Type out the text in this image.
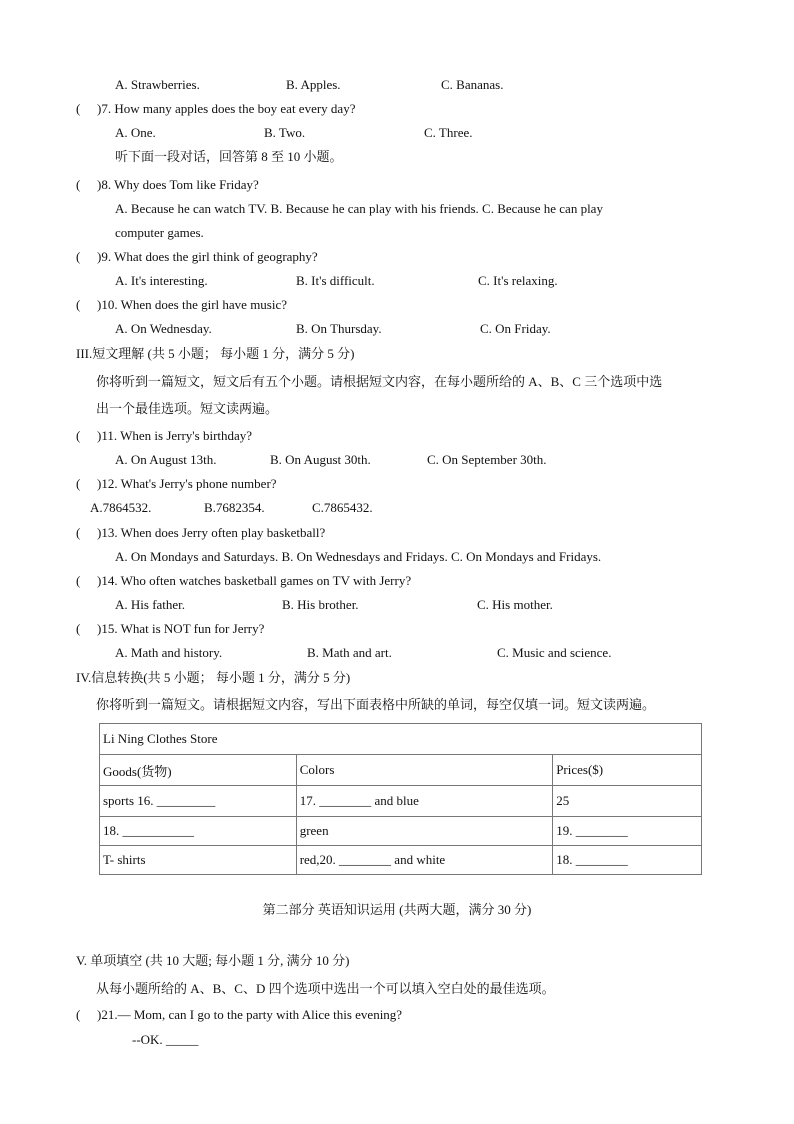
A. Strawberries.	B. Apples.	C. Bananas.
( )7. How many apples does the boy eat every day?
A. One.	B. Two.	C. Three.
听下面一段对话，回答第 8 至 10 小题。
( )8. Why does Tom like Friday?
A. Because he can watch TV. B. Because he can play with his friends. C. Because he can play
computer games.
( )9. What does the girl think of geography?
A. It's interesting.	B. It's difficult.	C. It's relaxing.
( )10. When does the girl have music?
A. On Wednesday.	B. On Thursday.	C. On Friday.
III.短文理解 (共 5 小题； 每小题 1 分，满分 5 分)
你将听到一篇短文，短文后有五个小题。请根据短文内容，在每小题所给的 A、B、C 三个选项中选
出一个最佳选项。短文读两遍。
( )11. When is Jerry's birthday?
A. On August 13th.	B. On August 30th.	C. On September 30th.
( )12. What's Jerry's phone number?
A.7864532.	B.7682354.	C.7865432.
( )13. When does Jerry often play basketball?
A. On Mondays and Saturdays. B. On Wednesdays and Fridays. C. On Mondays and Fridays.
( )14. Who often watches basketball games on TV with Jerry?
A. His father.	B. His brother.	C. His mother.
( )15. What is NOT fun for Jerry?
A. Math and history.	B. Math and art.	C. Music and science.
IV.信息转换(共 5 小题； 每小题 1 分，满分 5 分)
你将听到一篇短文。请根据短文内容，写出下面表格中所缺的单词，每空仅填一词。短文读两遍。
Li Ning Clothes Store		
Goods(货物)	Colors	Prices($)
sports 16. _________	17. ________ and blue	25
18. ___________	green	19. ________
T- shirts	red,20. ________ and white	18. ________
第二部分 英语知识运用 (共两大题，满分 30 分)
V. 单项填空 (共 10 大题; 每小题 1 分, 满分 10 分)
从每小题所给的 A、B、C、D 四个选项中选出一个可以填入空白处的最佳选项。
( )21.— Mom, can I go to the party with Alice this evening?
--OK. _____
